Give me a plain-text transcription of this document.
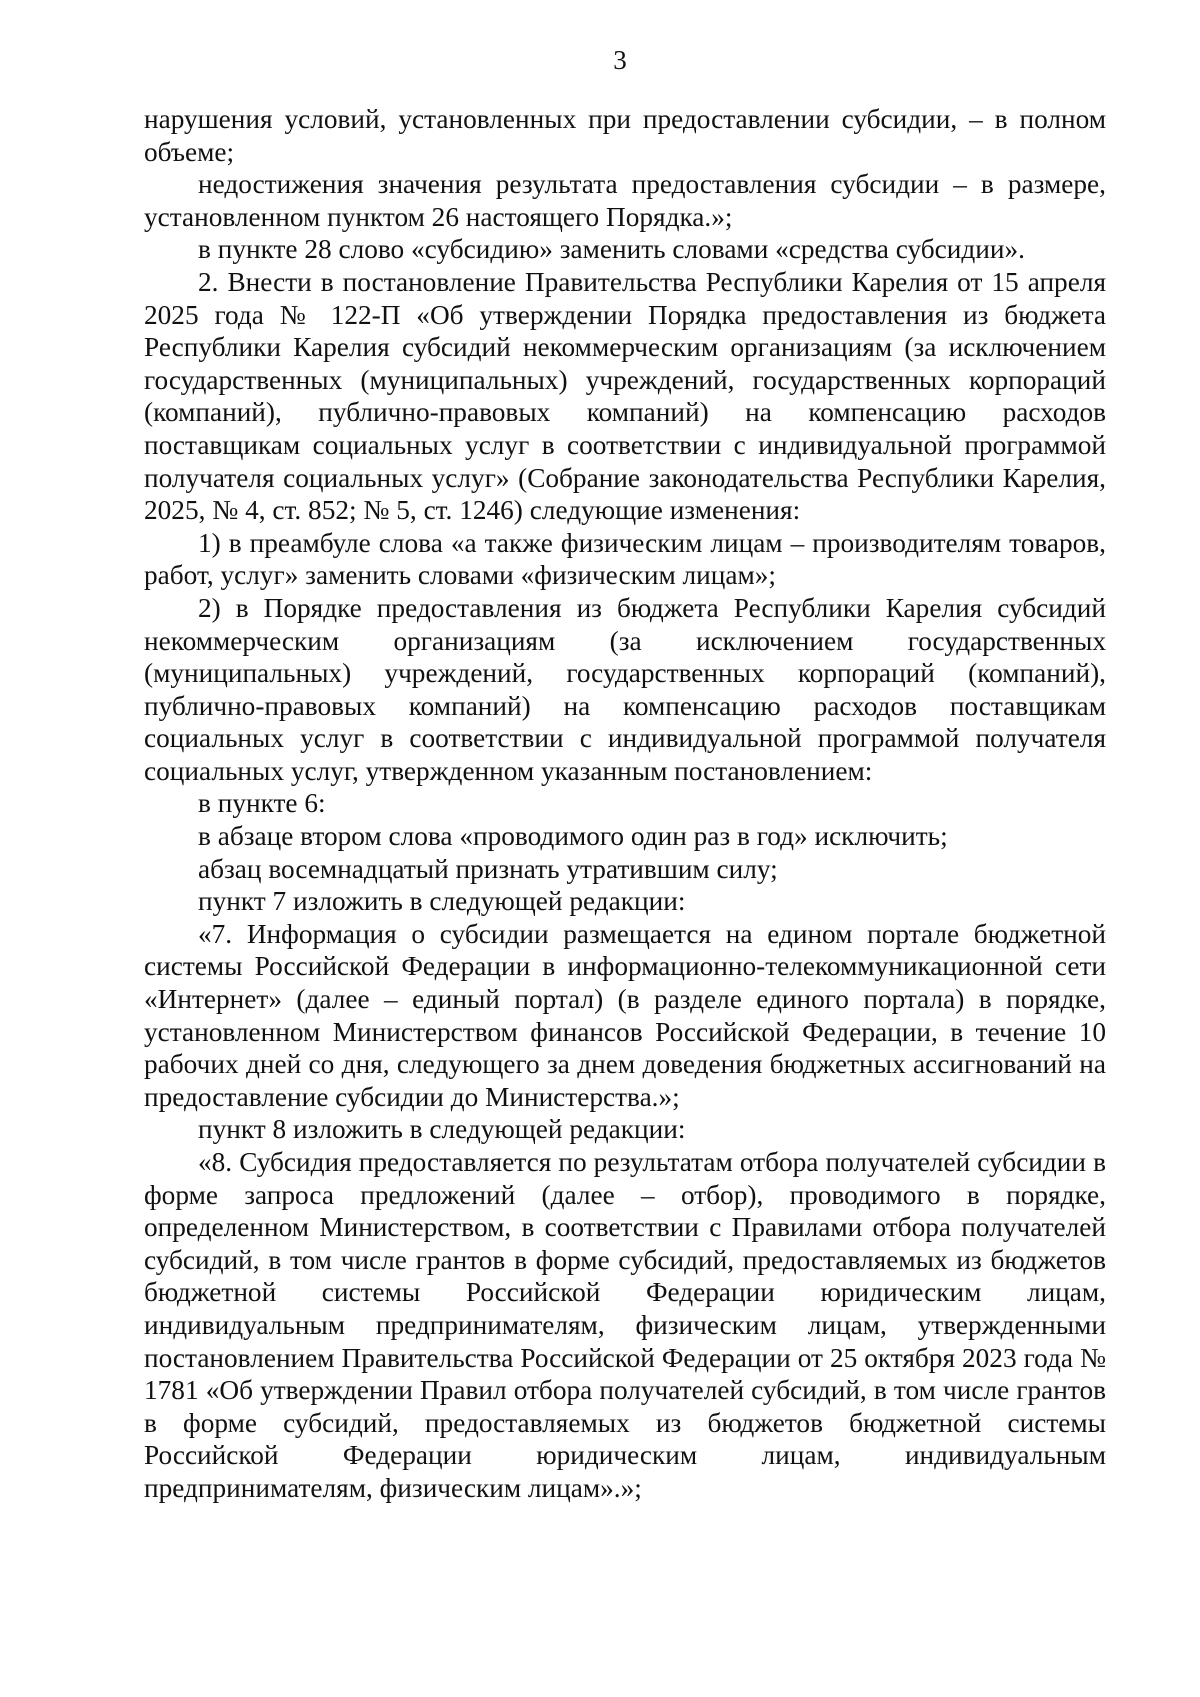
3

нарушения условий, установленных при предоставлении субсидии, – в полном объеме;

недостижения значения результата предоставления субсидии – в размере, установленном пунктом 26 настоящего Порядка.»;

в пункте 28 слово «субсидию» заменить словами «средства субсидии».

2. Внести в постановление Правительства Республики Карелия от 15 апреля 2025 года № 122-П «Об утверждении Порядка предоставления из бюджета Республики Карелия субсидий некоммерческим организациям (за исключением государственных (муниципальных) учреждений, государственных корпораций (компаний), публично-правовых компаний) на компенсацию расходов поставщикам социальных услуг в соответствии с индивидуальной программой получателя социальных услуг» (Собрание законодательства Республики Карелия, 2025, № 4, ст. 852; № 5, ст. 1246) следующие изменения:

1) в преамбуле слова «а также физическим лицам – производителям товаров, работ, услуг» заменить словами «физическим лицам»;

2) в Порядке предоставления из бюджета Республики Карелия субсидий некоммерческим организациям (за исключением государственных (муниципальных) учреждений, государственных корпораций (компаний), публично-правовых компаний) на компенсацию расходов поставщикам социальных услуг в соответствии с индивидуальной программой получателя социальных услуг, утвержденном указанным постановлением:

в пункте 6:

в абзаце втором слова «проводимого один раз в год» исключить;

абзац восемнадцатый признать утратившим силу;

пункт 7 изложить в следующей редакции:

«7. Информация о субсидии размещается на едином портале бюджетной системы Российской Федерации в информационно-телекоммуникационной сети «Интернет» (далее – единый портал) (в разделе единого портала) в порядке, установленном Министерством финансов Российской Федерации, в течение 10 рабочих дней со дня, следующего за днем доведения бюджетных ассигнований на предоставление субсидии до Министерства.»;

пункт 8 изложить в следующей редакции:

«8. Субсидия предоставляется по результатам отбора получателей субсидии в форме запроса предложений (далее – отбор), проводимого в порядке, определенном Министерством, в соответствии с Правилами отбора получателей субсидий, в том числе грантов в форме субсидий, предоставляемых из бюджетов бюджетной системы Российской Федерации юридическим лицам, индивидуальным предпринимателям, физическим лицам, утвержденными постановлением Правительства Российской Федерации от 25 октября 2023 года № 1781 «Об утверждении Правил отбора получателей субсидий, в том числе грантов в форме субсидий, предоставляемых из бюджетов бюджетной системы Российской Федерации юридическим лицам, индивидуальным предпринимателям, физическим лицам».»;
